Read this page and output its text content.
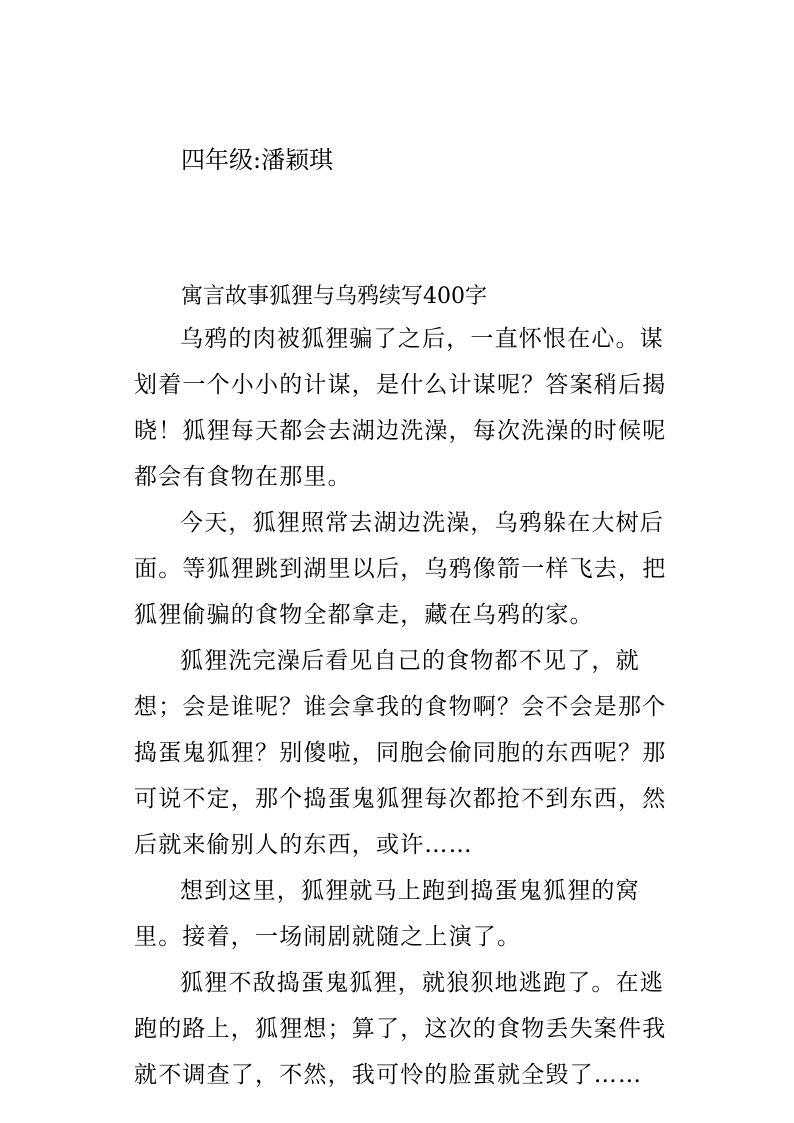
四年级:潘颖琪
寓言故事狐狸与乌鸦续写400字

乌鸦的肉被狐狸骗了之后，一直怀恨在心。谋划着一个小小的计谋，是什么计谋呢？答案稍后揭晓！狐狸每天都会去湖边洗澡，每次洗澡的时候呢都会有食物在那里。

今天，狐狸照常去湖边洗澡，乌鸦躲在大树后面。等狐狸跳到湖里以后，乌鸦像箭一样飞去，把狐狸偷骗的食物全都拿走，藏在乌鸦的家。

狐狸洗完澡后看见自己的食物都不见了，就想；会是谁呢？谁会拿我的食物啊？会不会是那个捣蛋鬼狐狸？别傻啦，同胞会偷同胞的东西呢？那可说不定，那个捣蛋鬼狐狸每次都抢不到东西，然后就来偷别人的东西，或许……

想到这里，狐狸就马上跑到捣蛋鬼狐狸的窝里。接着，一场闹剧就随之上演了。

狐狸不敌捣蛋鬼狐狸，就狼狈地逃跑了。在逃跑的路上，狐狸想；算了，这次的食物丢失案件我就不调查了，不然，我可怜的脸蛋就全毁了……
